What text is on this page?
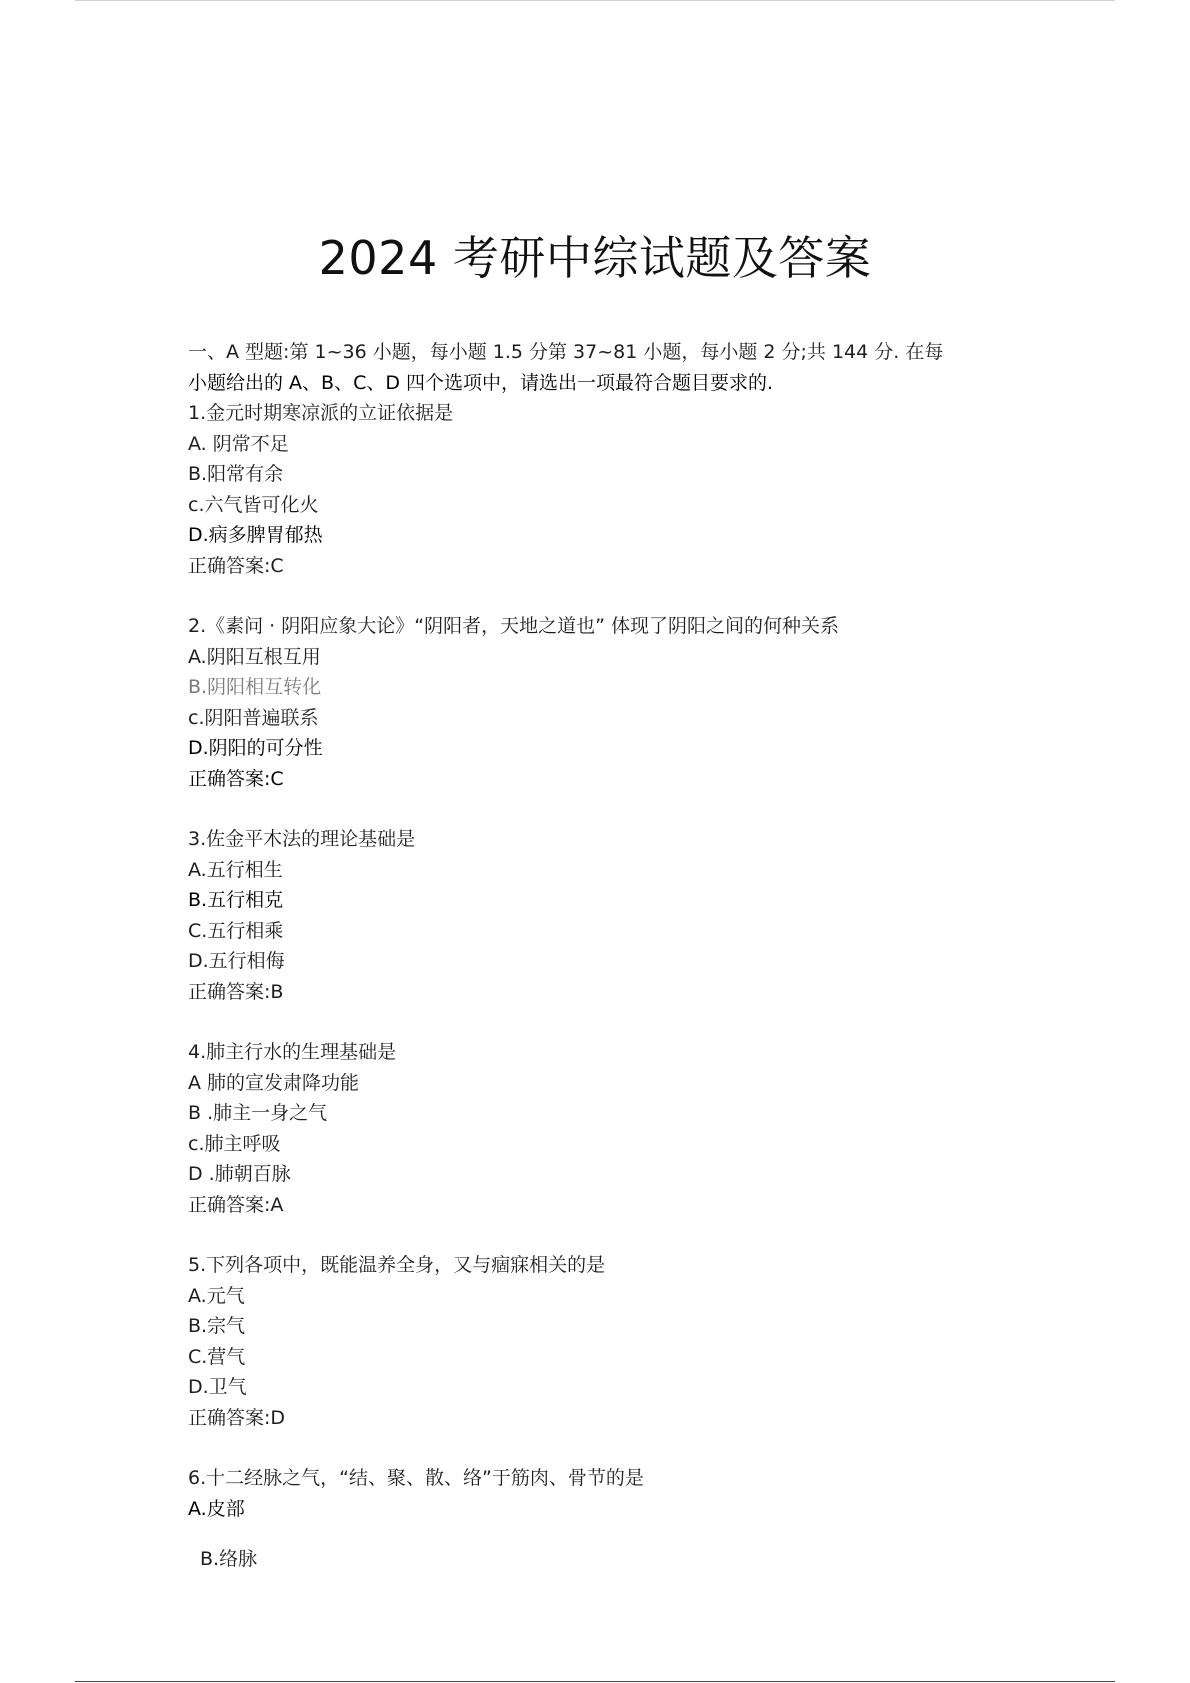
2024 考研中综试题及答案
一、A 型题:第 1~36 小题，每小题 1.5 分第 37~81 小题，每小题 2 分;共 144 分. 在每
小题给出的 A、B、C、D 四个选项中，请选出一项最符合题目要求的.
1.金元时期寒凉派的立证依据是
A. 阴常不足
B.阳常有余
c.六气皆可化火
D.病多脾胃郁热
正确答案:C
2.《素问 · 阴阳应象大论》“阴阳者，天地之道也” 体现了阴阳之间的何种关系
A.阴阳互根互用
B.阴阳相互转化
c.阴阳普遍联系
D.阴阳的可分性
正确答案:C
3.佐金平木法的理论基础是
A.五行相生
B.五行相克
C.五行相乘
D.五行相侮
正确答案:B
4.肺主行水的生理基础是
A 肺的宣发肃降功能
B .肺主一身之气
c.肺主呼吸
D .肺朝百脉
正确答案:A
5.下列各项中，既能温养全身，又与痼寐相关的是
A.元气
B.宗气
C.营气
D.卫气
正确答案:D
6.十二经脉之气，“结、聚、散、络”于筋肉、骨节的是
A.皮部
B.络脉
